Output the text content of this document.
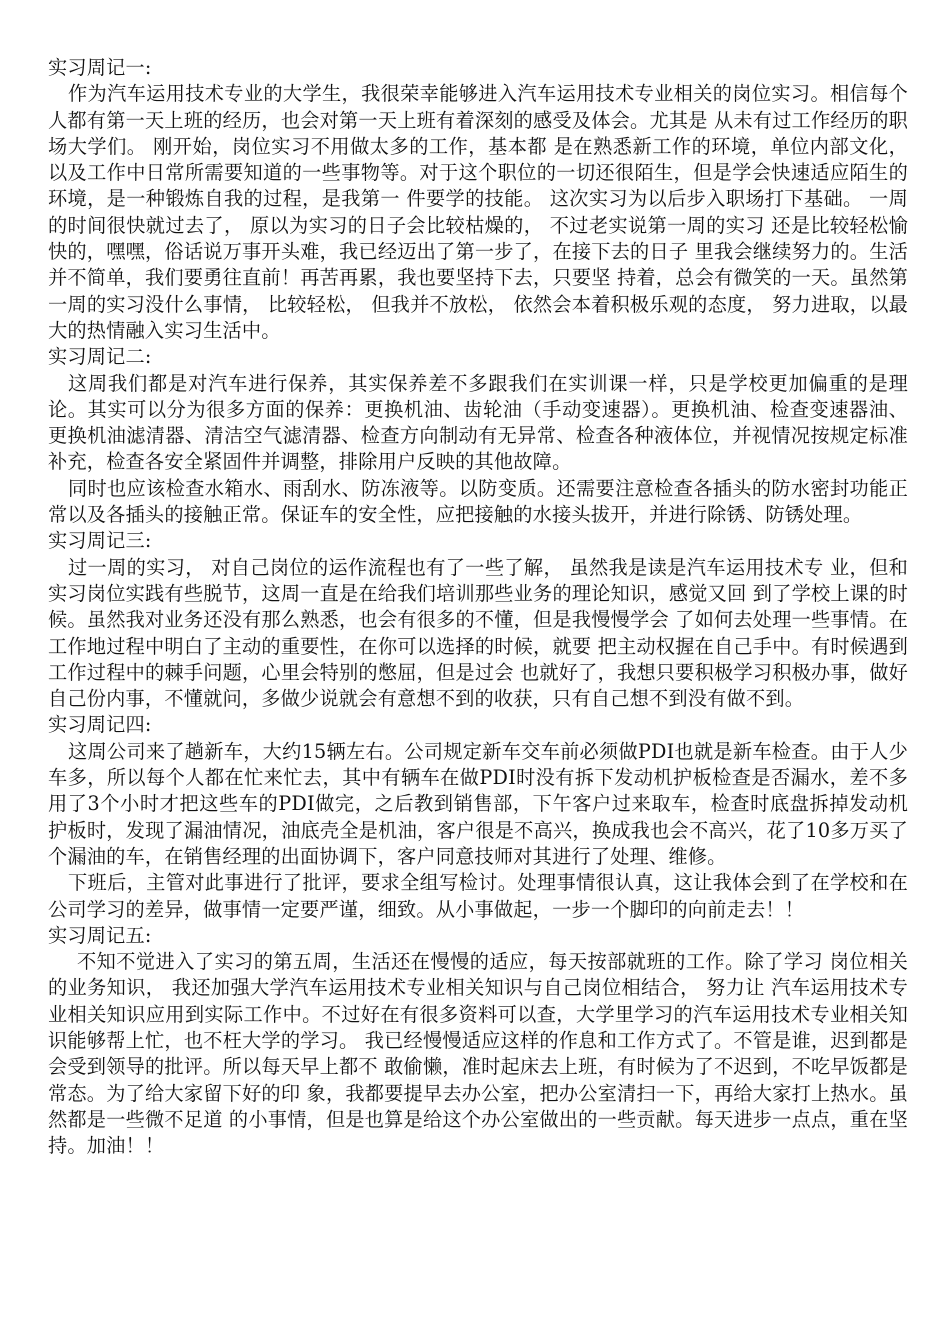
实习周记一:

作为汽车运用技术专业的大学生，我很荣幸能够进入汽车运用技术专业相关的岗位实习。相信每个人都有第一天上班的经历，也会对第一天上班有着深刻的感受及体会。尤其是 从未有过工作经历的职场大学们。 刚开始，岗位实习不用做太多的工作，基本都 是在熟悉新工作的环境，单位内部文化，以及工作中日常所需要知道的一些事物等。对于这个职位的一切还很陌生，但是学会快速适应陌生的环境，是一种锻炼自我的过程，是我第一 件要学的技能。 这次实习为以后步入职场打下基础。 一周的时间很快就过去了， 原以为实习的日子会比较枯燥的， 不过老实说第一周的实习 还是比较轻松愉快的，嘿嘿，俗话说万事开头难，我已经迈出了第一步了，在接下去的日子 里我会继续努力的。生活并不简单，我们要勇往直前！再苦再累，我也要坚持下去，只要坚 持着，总会有微笑的一天。虽然第一周的实习没什么事情， 比较轻松， 但我并不放松， 依然会本着积极乐观的态度， 努力进取，以最大的热情融入实习生活中。

实习周记二:

这周我们都是对汽车进行保养，其实保养差不多跟我们在实训课一样，只是学校更加偏重的是理论。其实可以分为很多方面的保养：更换机油、齿轮油（手动变速器）。更换机油、检查变速器油、更换机油滤清器、清洁空气滤清器、检查方向制动有无异常、检查各种液体位，并视情况按规定标准补充，检查各安全紧固件并调整，排除用户反映的其他故障。

同时也应该检查水箱水、雨刮水、防冻液等。以防变质。还需要注意检查各插头的防水密封功能正常以及各插头的接触正常。保证车的安全性，应把接触的水接头拔开，并进行除锈、防锈处理。

实习周记三:

过一周的实习， 对自己岗位的运作流程也有了一些了解， 虽然我是读是汽车运用技术专 业，但和实习岗位实践有些脱节，这周一直是在给我们培训那些业务的理论知识，感觉又回 到了学校上课的时候。虽然我对业务还没有那么熟悉，也会有很多的不懂，但是我慢慢学会 了如何去处理一些事情。在工作地过程中明白了主动的重要性，在你可以选择的时候，就要 把主动权握在自己手中。有时候遇到工作过程中的棘手问题，心里会特别的憋屈，但是过会 也就好了，我想只要积极学习积极办事，做好自己份内事，不懂就问，多做少说就会有意想不到的收获，只有自己想不到没有做不到。

实习周记四:

这周公司来了趟新车，大约15辆左右。公司规定新车交车前必须做PDI也就是新车检查。由于人少车多，所以每个人都在忙来忙去，其中有辆车在做PDI时没有拆下发动机护板检查是否漏水，差不多用了3个小时才把这些车的PDI做完，之后教到销售部，下午客户过来取车，检查时底盘拆掉发动机护板时，发现了漏油情况，油底壳全是机油，客户很是不高兴，换成我也会不高兴，花了10多万买了个漏油的车，在销售经理的出面协调下，客户同意技师对其进行了处理、维修。

下班后，主管对此事进行了批评，要求全组写检讨。处理事情很认真，这让我体会到了在学校和在公司学习的差异，做事情一定要严谨，细致。从小事做起，一步一个脚印的向前走去！！

实习周记五:

不知不觉进入了实习的第五周，生活还在慢慢的适应，每天按部就班的工作。除了学习 岗位相关的业务知识， 我还加强大学汽车运用技术专业相关知识与自己岗位相结合， 努力让 汽车运用技术专业相关知识应用到实际工作中。不过好在有很多资料可以查，大学里学习的汽车运用技术专业相关知识能够帮上忙，也不枉大学的学习。 我已经慢慢适应这样的作息和工作方式了。不管是谁，迟到都是会受到领导的批评。所以每天早上都不 敢偷懒，准时起床去上班，有时候为了不迟到，不吃早饭都是常态。为了给大家留下好的印 象，我都要提早去办公室，把办公室清扫一下，再给大家打上热水。虽然都是一些微不足道 的小事情，但是也算是给这个办公室做出的一些贡献。每天进步一点点，重在坚持。加油！！
